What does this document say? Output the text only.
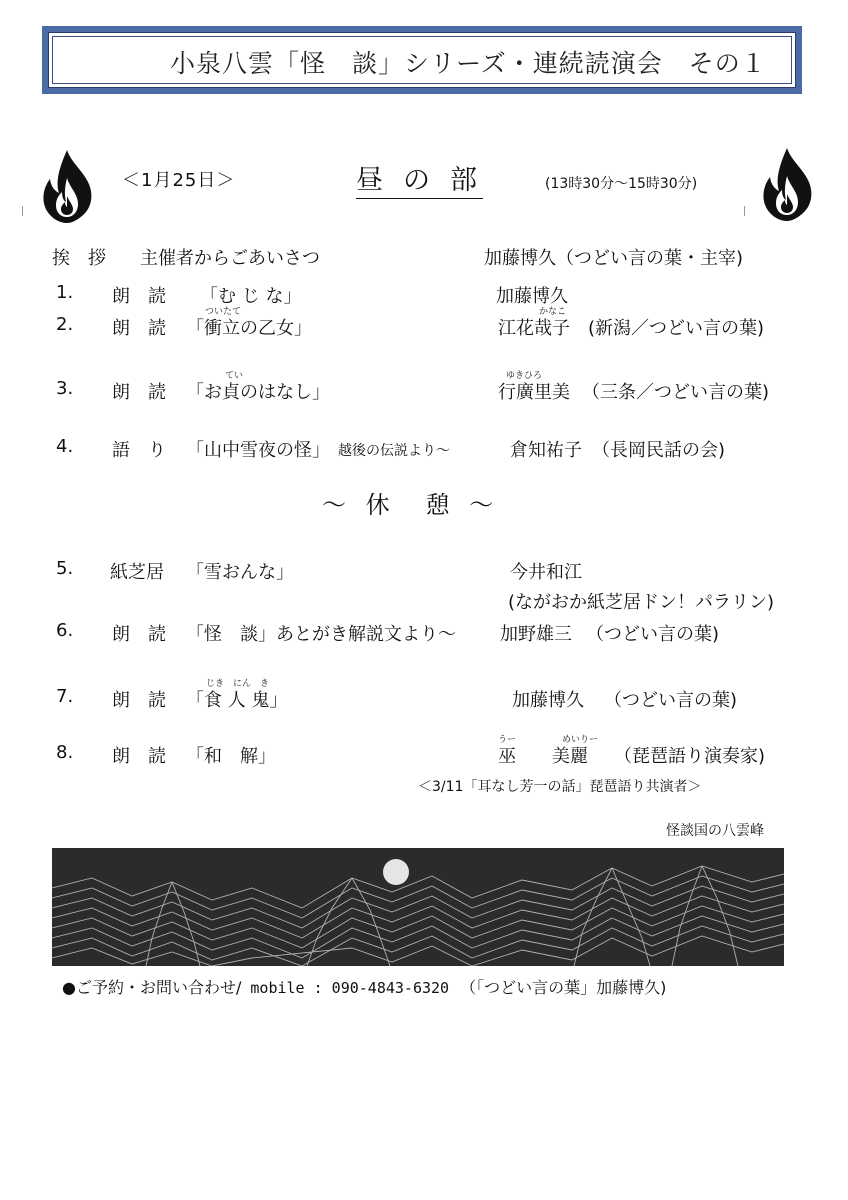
小泉八雲「怪　談」シリーズ・連続読演会　その１
＜1月25日＞	昼の部	(13時30分～15時30分)
挨　拶 主催者からごあいさつ	加藤博久（つどい言の葉・主宰)
1. 朗　読 「む じ な」	加藤博久
ついたて	かなこ
2. 朗　読 「衝立の乙女」	江花哉子 (新潟／つどい言の葉)
てい	ゆきひろ
3. 朗　読 「お貞のはなし」	行廣里美 （三条／つどい言の葉)
4. 語　り 「山中雪夜の怪」 越後の伝説より～	倉知祐子 （長岡民話の会)
～ 休　憩 ～
5. 紙芝居 「雪おんな」	今井和江
(ながおか紙芝居ドン！パラリン)
6. 朗　読 「怪　談」あとがき解説文より～ 加野雄三 （つどい言の葉)
じき　にん　き
7. 朗　読 「食 人 鬼」	加藤博久 （つどい言の葉)
うー	めいりー
8. 朗　読 「和　解」	巫　　美麗 （琵琶語り演奏家)
＜3/11「耳なし芳一の話」琵琶語り共演者＞
怪談国の八雲峰
●ご予約・お問い合わせ/ mobile : 090-4843-6320 （「つどい言の葉」加藤博久)
